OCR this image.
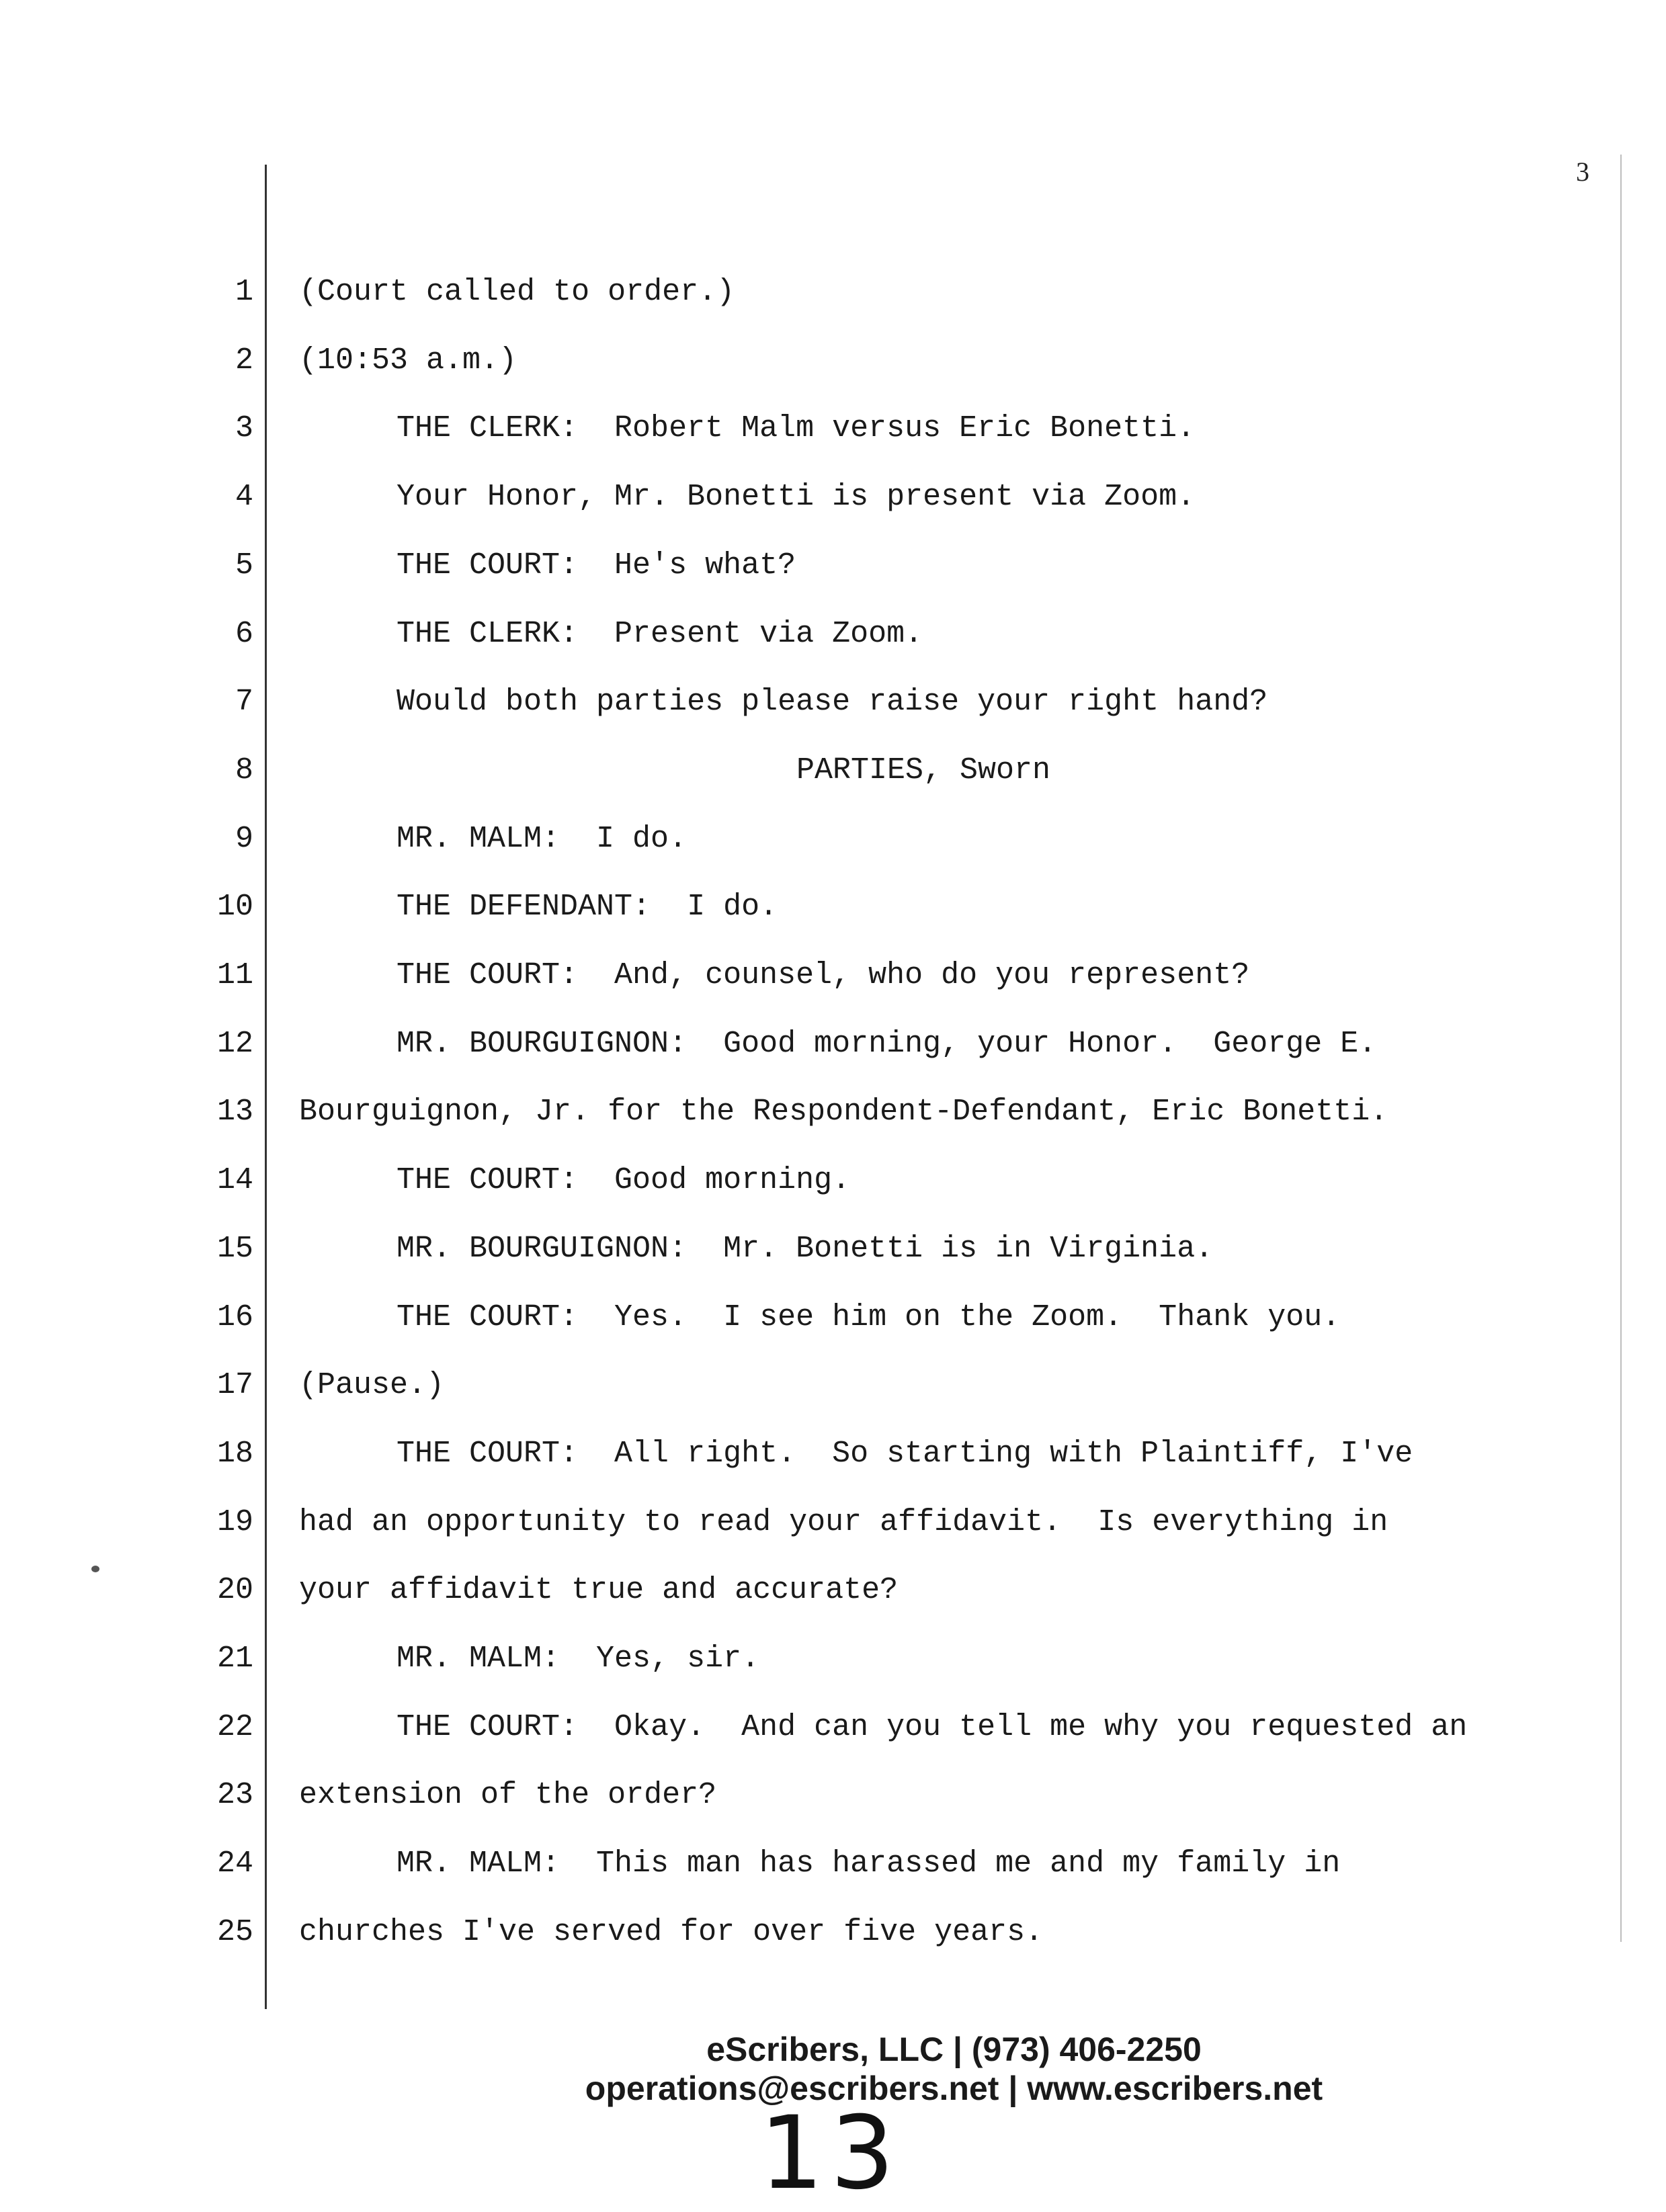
3
1 (Court called to order.)
2 (10:53 a.m.)
3	THE CLERK:  Robert Malm versus Eric Bonetti.
4	Your Honor, Mr. Bonetti is present via Zoom.
5	THE COURT:  He's what?
6	THE CLERK:  Present via Zoom.
7	Would both parties please raise your right hand?
8	PARTIES, Sworn
9	MR. MALM:  I do.
10	THE DEFENDANT:  I do.
11	THE COURT:  And, counsel, who do you represent?
12	MR. BOURGUIGNON:  Good morning, your Honor.  George E.
13 Bourguignon, Jr. for the Respondent-Defendant, Eric Bonetti.
14	THE COURT:  Good morning.
15	MR. BOURGUIGNON:  Mr. Bonetti is in Virginia.
16	THE COURT:  Yes.  I see him on the Zoom.  Thank you.
17 (Pause.)
18	THE COURT:  All right.  So starting with Plaintiff, I've
19 had an opportunity to read your affidavit.  Is everything in
20 your affidavit true and accurate?
21	MR. MALM:  Yes, sir.
22	THE COURT:  Okay.  And can you tell me why you requested an
23 extension of the order?
24	MR. MALM:  This man has harassed me and my family in
25 churches I've served for over five years.
eScribers, LLC | (973) 406-2250
operations@escribers.net | www.escribers.net
13
